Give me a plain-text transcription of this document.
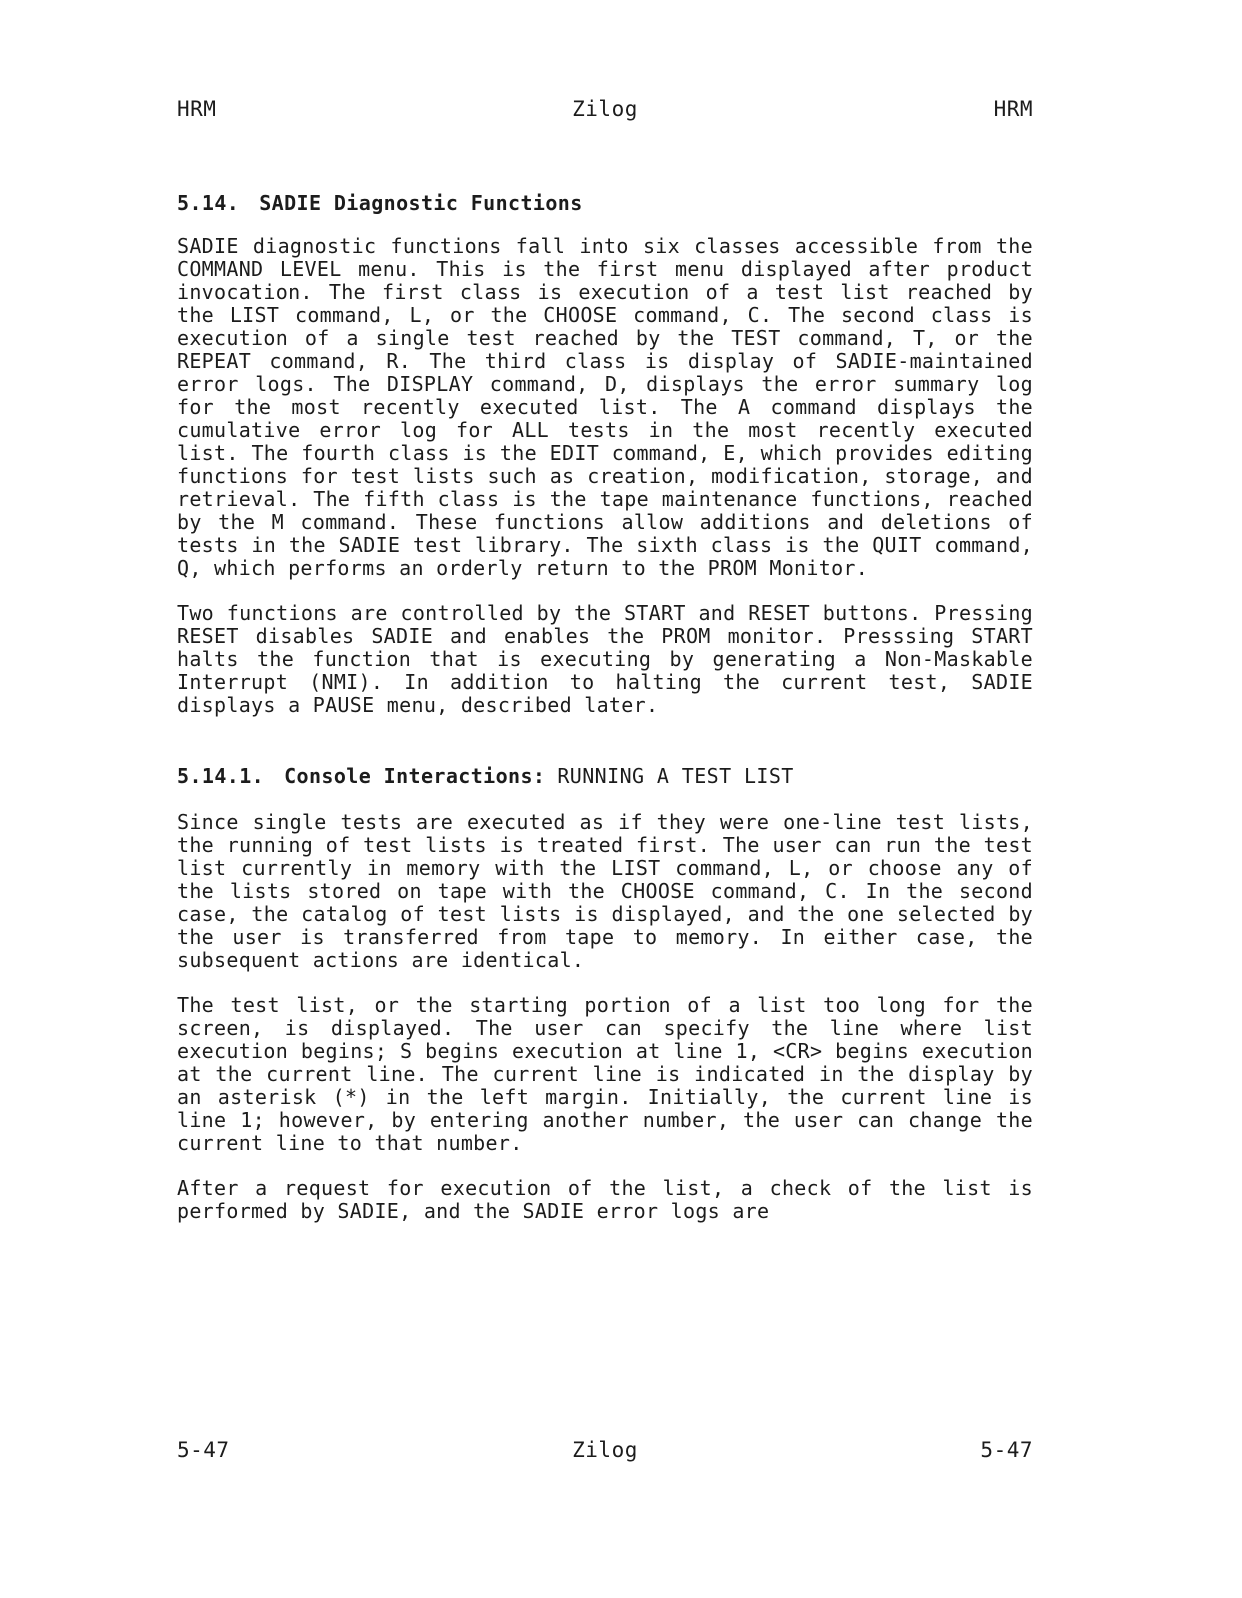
HRM	Zilog	HRM
5.14. SADIE Diagnostic Functions

SADIE diagnostic functions fall into six classes accessible from the COMMAND LEVEL menu. This is the first menu displayed after product invocation. The first class is execution of a test list reached by the LIST command, L, or the CHOOSE command, C. The second class is execution of a single test reached by the TEST command, T, or the REPEAT command, R. The third class is display of SADIE-maintained error logs. The DISPLAY command, D, displays the error summary log for the most recently executed list. The A command displays the cumulative error log for ALL tests in the most recently executed list. The fourth class is the EDIT command, E, which provides editing functions for test lists such as creation, modification, storage, and retrieval. The fifth class is the tape maintenance functions, reached by the M command. These functions allow additions and deletions of tests in the SADIE test library. The sixth class is the QUIT command, Q, which performs an orderly return to the PROM Monitor.

Two functions are controlled by the START and RESET buttons. Pressing RESET disables SADIE and enables the PROM monitor. Presssing START halts the function that is executing by generating a Non-Maskable Interrupt (NMI). In addition to halting the current test, SADIE displays a PAUSE menu, described later.

5.14.1. Console Interactions: RUNNING A TEST LIST

Since single tests are executed as if they were one-line test lists, the running of test lists is treated first. The user can run the test list currently in memory with the LIST command, L, or choose any of the lists stored on tape with the CHOOSE command, C. In the second case, the catalog of test lists is displayed, and the one selected by the user is transferred from tape to memory. In either case, the subsequent actions are identical.

The test list, or the starting portion of a list too long for the screen, is displayed. The user can specify the line where list execution begins; S begins execution at line 1, <CR> begins execution at the current line. The current line is indicated in the display by an asterisk (*) in the left margin. Initially, the current line is line 1; however, by entering another number, the user can change the current line to that number.

After a request for execution of the list, a check of the list is performed by SADIE, and the SADIE error logs are

5-47	Zilog	5-47
